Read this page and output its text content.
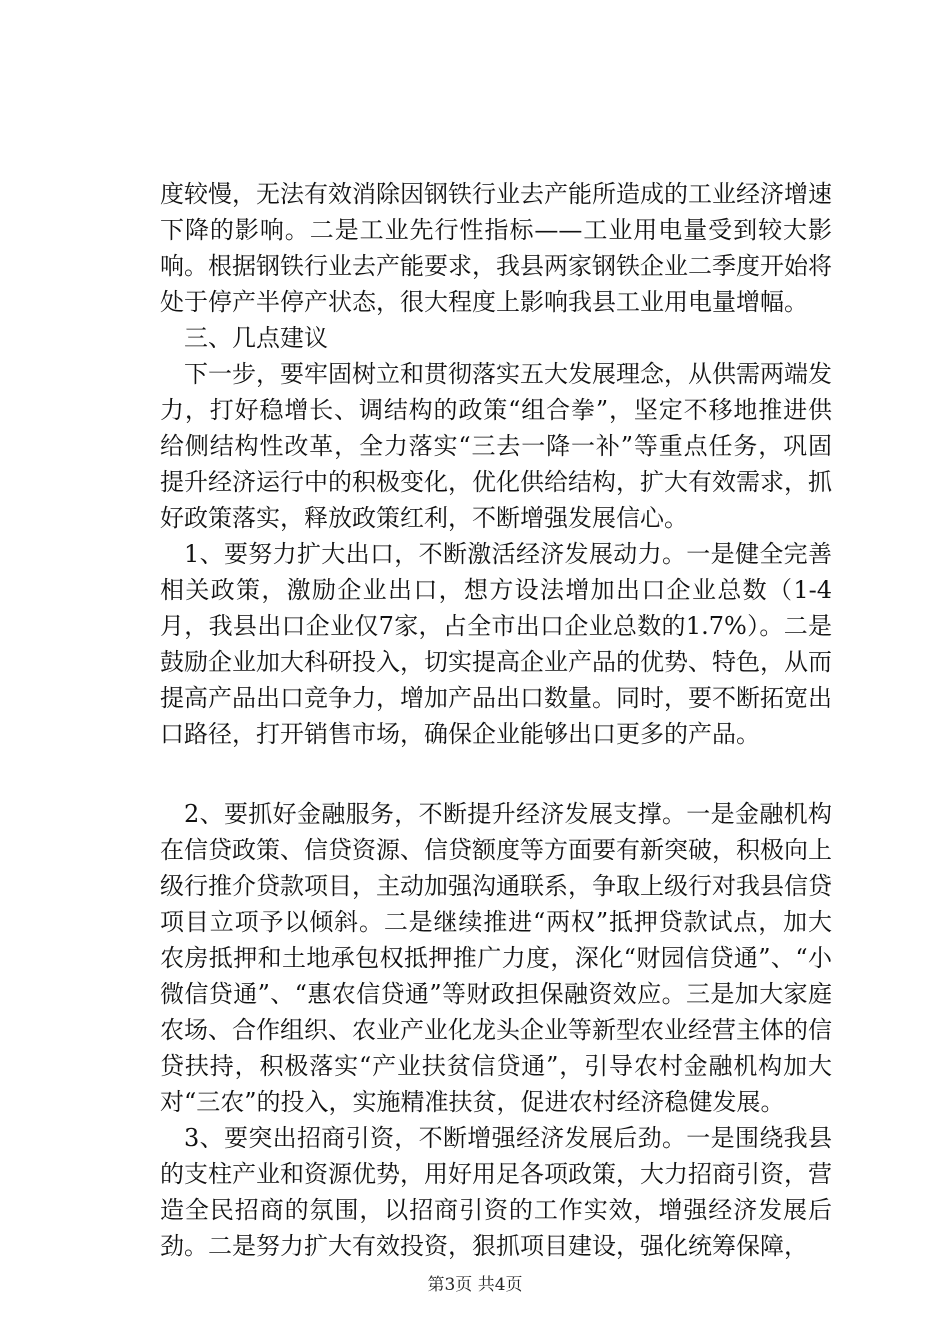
度较慢，无法有效消除因钢铁行业去产能所造成的工业经济增速下降的影响。二是工业先行性指标——工业用电量受到较大影响。根据钢铁行业去产能要求，我县两家钢铁企业二季度开始将处于停产半停产状态，很大程度上影响我县工业用电量增幅。

三、几点建议

下一步，要牢固树立和贯彻落实五大发展理念，从供需两端发力，打好稳增长、调结构的政策“组合拳”，坚定不移地推进供给侧结构性改革，全力落实“三去一降一补”等重点任务，巩固提升经济运行中的积极变化，优化供给结构，扩大有效需求，抓好政策落实，释放政策红利，不断增强发展信心。

1、要努力扩大出口，不断激活经济发展动力。一是健全完善相关政策，激励企业出口，想方设法增加出口企业总数（1-4月，我县出口企业仅7家，占全市出口企业总数的1.7%）。二是鼓励企业加大科研投入，切实提高企业产品的优势、特色，从而提高产品出口竞争力，增加产品出口数量。同时，要不断拓宽出口路径，打开销售市场，确保企业能够出口更多的产品。

2、要抓好金融服务，不断提升经济发展支撑。一是金融机构在信贷政策、信贷资源、信贷额度等方面要有新突破，积极向上级行推介贷款项目，主动加强沟通联系，争取上级行对我县信贷项目立项予以倾斜。二是继续推进“两权”抵押贷款试点，加大农房抵押和土地承包权抵押推广力度，深化“财园信贷通”、“小微信贷通”、“惠农信贷通”等财政担保融资效应。三是加大家庭农场、合作组织、农业产业化龙头企业等新型农业经营主体的信贷扶持，积极落实“产业扶贫信贷通”，引导农村金融机构加大对“三农”的投入，实施精准扶贫，促进农村经济稳健发展。

3、要突出招商引资，不断增强经济发展后劲。一是围绕我县的支柱产业和资源优势，用好用足各项政策，大力招商引资，营造全民招商的氛围，以招商引资的工作实效，增强经济发展后劲。二是努力扩大有效投资，狠抓项目建设，强化统筹保障，

第3页 共4页
